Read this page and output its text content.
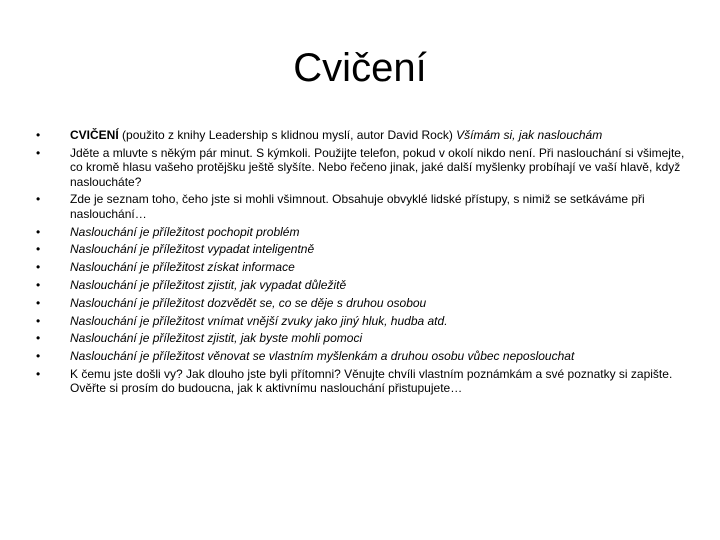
Cvičení
•	CVIČENÍ (použito z knihy Leadership s klidnou myslí, autor David Rock) Všímám si, jak naslouchám
•	Jděte a mluvte s někým pár minut. S kýmkoli. Použijte telefon, pokud v okolí nikdo není. Při naslouchání si všimejte, co kromě hlasu vašeho protějšku ještě slyšíte. Nebo řečeno jinak, jaké další myšlenky probíhají ve vaší hlavě, když nasloucháte?
•	Zde je seznam toho, čeho jste si mohli všimnout. Obsahuje obvyklé lidské přístupy, s nimiž se setkáváme při naslouchání…
•	Naslouchání je příležitost pochopit problém
•	Naslouchání je příležitost vypadat inteligentně
•	Naslouchání je příležitost získat informace
•	Naslouchání je příležitost zjistit, jak vypadat důležitě
•	Naslouchání je příležitost dozvědět se, co se děje s druhou osobou
•	Naslouchání je příležitost vnímat vnější zvuky jako jiný hluk, hudba atd.
•	Naslouchání je příležitost zjistit, jak byste mohli pomoci
•	Naslouchání je příležitost věnovat se vlastním myšlenkám a druhou osobu vůbec neposlouchat
•	K čemu jste došli vy? Jak dlouho jste byli přítomni? Věnujte chvíli vlastním poznámkám a své poznatky si zapište. Ověřte si prosím do budoucna, jak k aktivnímu naslouchání přistupujete…
